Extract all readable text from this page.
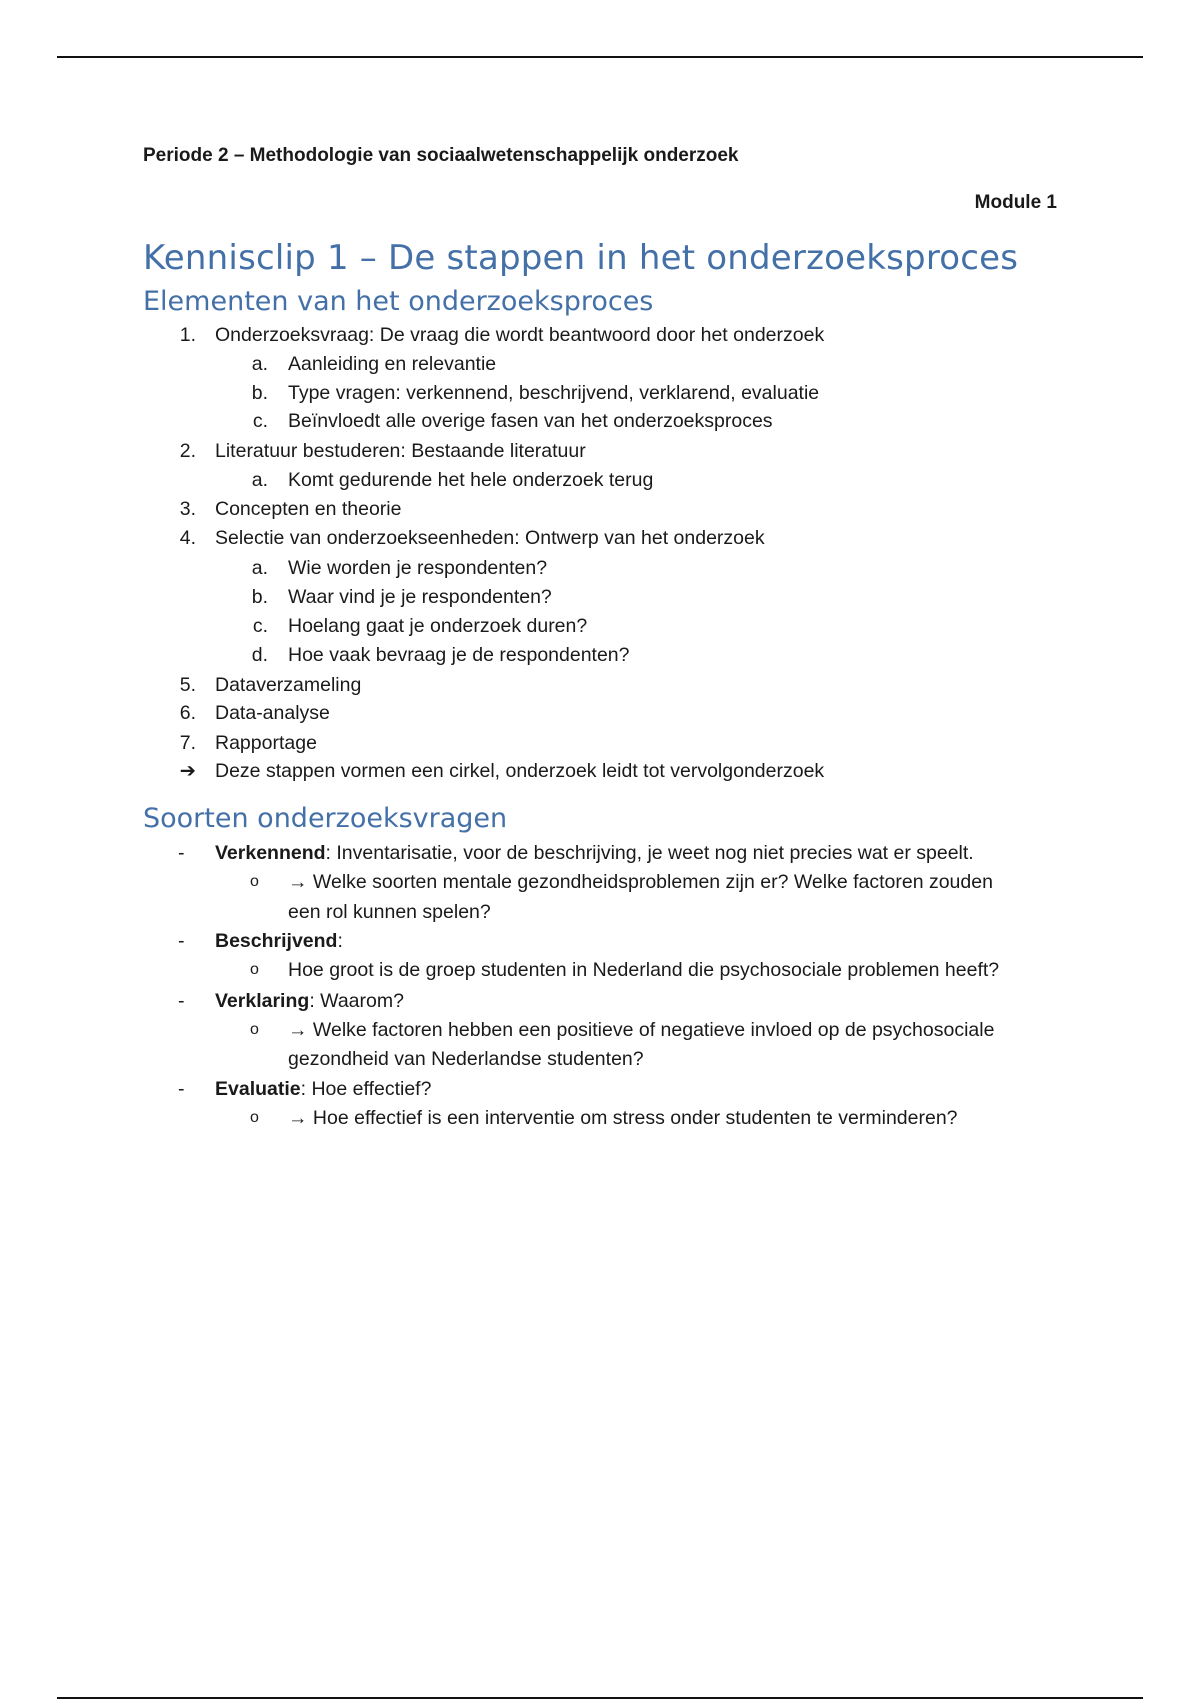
Periode 2 – Methodologie van sociaalwetenschappelijk onderzoek

Module 1

Kennisclip 1 – De stappen in het onderzoeksproces
Elementen van het onderzoeksproces
1. Onderzoeksvraag: De vraag die wordt beantwoord door het onderzoek
a. Aanleiding en relevantie
b. Type vragen: verkennend, beschrijvend, verklarend, evaluatie
c. Beïnvloedt alle overige fasen van het onderzoeksproces
2. Literatuur bestuderen: Bestaande literatuur
a. Komt gedurende het hele onderzoek terug
3. Concepten en theorie
4. Selectie van onderzoekseenheden: Ontwerp van het onderzoek
a. Wie worden je respondenten?
b. Waar vind je je respondenten?
c. Hoelang gaat je onderzoek duren?
d. Hoe vaak bevraag je de respondenten?
5. Dataverzameling
6. Data-analyse
7. Rapportage
➔ Deze stappen vormen een cirkel, onderzoek leidt tot vervolgonderzoek
Soorten onderzoeksvragen
- Verkennend: Inventarisatie, voor de beschrijving, je weet nog niet precies wat er speelt.
o → Welke soorten mentale gezondheidsproblemen zijn er? Welke factoren zouden
een rol kunnen spelen?
- Beschrijvend:
o Hoe groot is de groep studenten in Nederland die psychosociale problemen heeft?
- Verklaring: Waarom?
o → Welke factoren hebben een positieve of negatieve invloed op de psychosociale
gezondheid van Nederlandse studenten?
- Evaluatie: Hoe effectief?
o → Hoe effectief is een interventie om stress onder studenten te verminderen?
